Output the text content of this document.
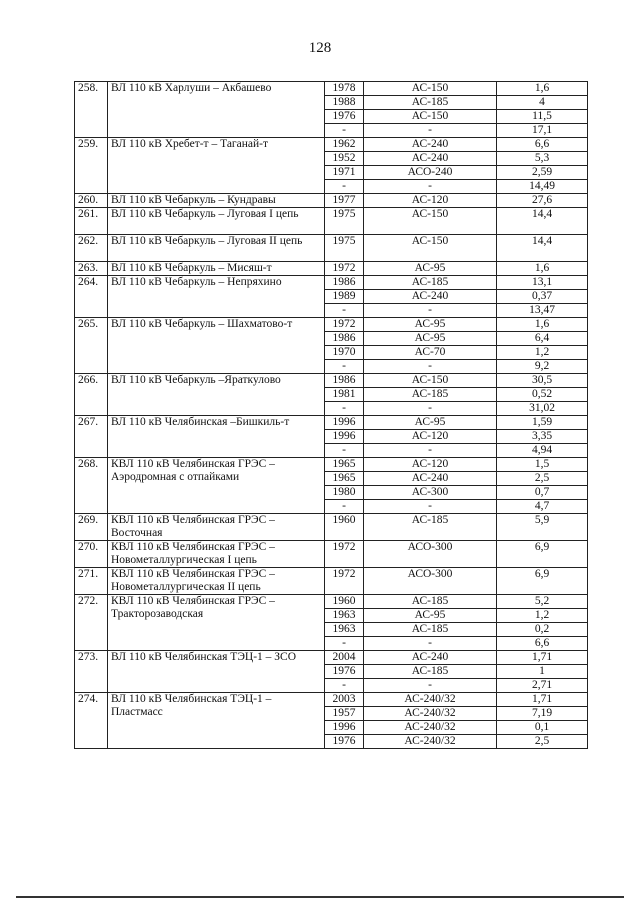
128
258.	ВЛ 110 кВ Харлуши – Акбашево	1978	АС-150	1,6
		1988	АС-185	4
		1976	АС-150	11,5
		-	-	17,1
259.	ВЛ 110 кВ Хребет-т – Таганай-т	1962	АС-240	6,6
		1952	АС-240	5,3
		1971	АСО-240	2,59
		-	-	14,49
260.	ВЛ 110 кВ Чебаркуль – Кундравы	1977	АС-120	27,6
261.	ВЛ 110 кВ Чебаркуль – Луговая I цепь	1975	АС-150	14,4
262.	ВЛ 110 кВ Чебаркуль – Луговая II цепь	1975	АС-150	14,4
263.	ВЛ 110 кВ Чебаркуль – Мисяш-т	1972	АС-95	1,6
264.	ВЛ 110 кВ Чебаркуль – Непряхино	1986	АС-185	13,1
		1989	АС-240	0,37
		-	-	13,47
265.	ВЛ 110 кВ Чебаркуль – Шахматово-т	1972	АС-95	1,6
		1986	АС-95	6,4
		1970	АС-70	1,2
		-	-	9,2
266.	ВЛ 110 кВ Чебаркуль –Яраткулово	1986	АС-150	30,5
		1981	АС-185	0,52
		-	-	31,02
267.	ВЛ 110 кВ Челябинская –Бишкиль-т	1996	АС-95	1,59
		1996	АС-120	3,35
		-	-	4,94
268.	КВЛ 110 кВ Челябинская ГРЭС – Аэродромная с отпайками	1965	АС-120	1,5
		1965	АС-240	2,5
		1980	АС-300	0,7
		-	-	4,7
269.	КВЛ 110 кВ Челябинская ГРЭС – Восточная	1960	АС-185	5,9
270.	КВЛ 110 кВ Челябинская ГРЭС – Новометаллургическая I цепь	1972	АСО-300	6,9
271.	КВЛ 110 кВ Челябинская ГРЭС – Новометаллургическая II цепь	1972	АСО-300	6,9
272.	КВЛ 110 кВ Челябинская ГРЭС – Тракторозаводская	1960	АС-185	5,2
		1963	АС-95	1,2
		1963	АС-185	0,2
		-	-	6,6
273.	ВЛ 110 кВ Челябинская ТЭЦ-1 – ЗСО	2004	АС-240	1,71
		1976	АС-185	1
		-	-	2,71
274.	ВЛ 110 кВ Челябинская ТЭЦ-1 – Пластмасс	2003	АС-240/32	1,71
		1957	АС-240/32	7,19
		1996	АС-240/32	0,1
		1976	АС-240/32	2,5
